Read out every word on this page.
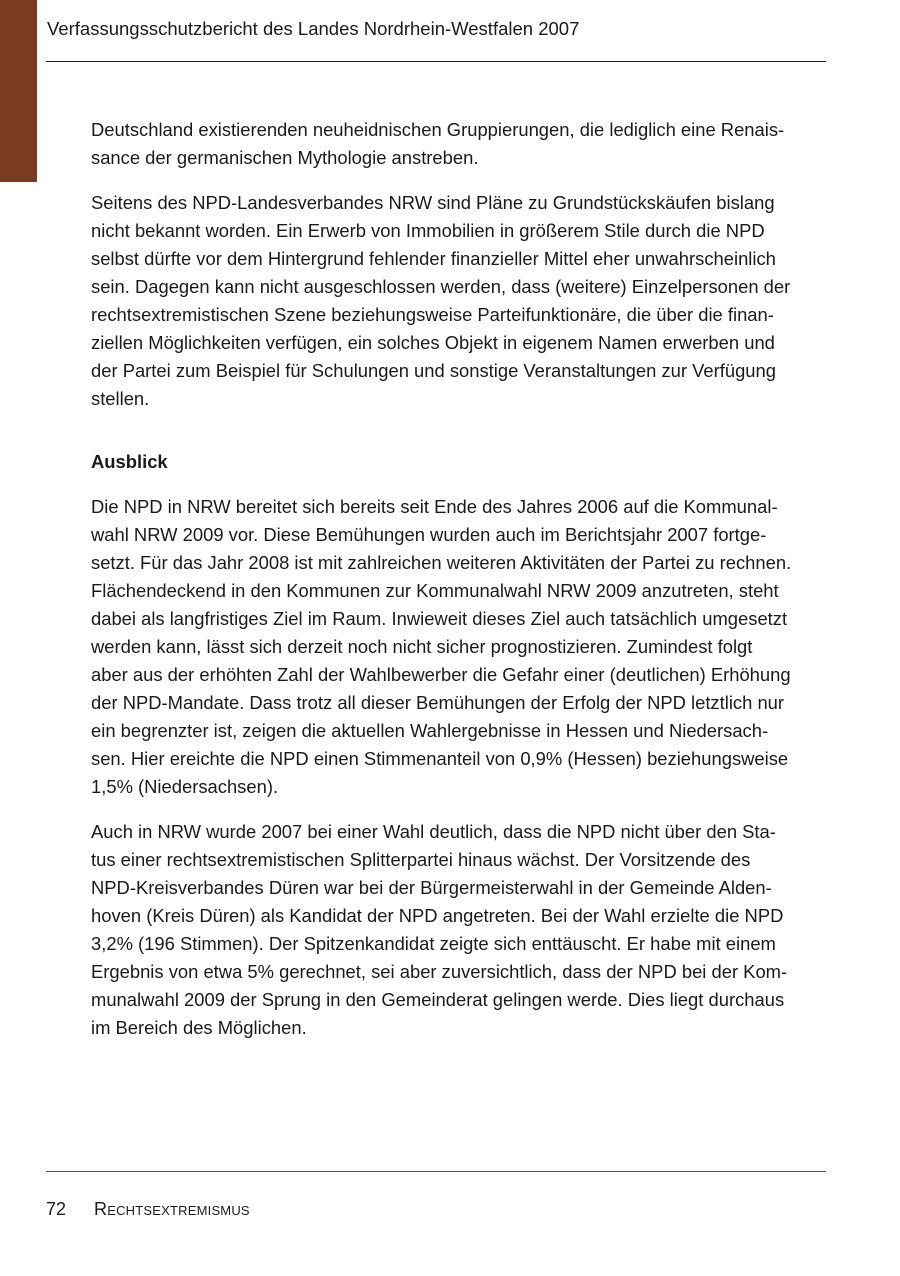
Verfassungsschutzbericht des Landes Nordrhein-Westfalen 2007

Deutschland existierenden neuheidnischen Gruppierungen, die lediglich eine Renais-
sance der germanischen Mythologie anstreben.

Seitens des NPD-Landesverbandes NRW sind Pläne zu Grundstückskäufen bislang
nicht bekannt worden. Ein Erwerb von Immobilien in größerem Stile durch die NPD
selbst dürfte vor dem Hintergrund fehlender finanzieller Mittel eher unwahrscheinlich
sein. Dagegen kann nicht ausgeschlossen werden, dass (weitere) Einzelpersonen der
rechtsextremistischen Szene beziehungsweise Parteifunktionäre, die über die finan-
ziellen Möglichkeiten verfügen, ein solches Objekt in eigenem Namen erwerben und
der Partei zum Beispiel für Schulungen und sonstige Veranstaltungen zur Verfügung
stellen.

Ausblick

Die NPD in NRW bereitet sich bereits seit Ende des Jahres 2006 auf die Kommunal-
wahl NRW 2009 vor. Diese Bemühungen wurden auch im Berichtsjahr 2007 fortge-
setzt. Für das Jahr 2008 ist mit zahlreichen weiteren Aktivitäten der Partei zu rechnen.
Flächendeckend in den Kommunen zur Kommunalwahl NRW 2009 anzutreten, steht
dabei als langfristiges Ziel im Raum. Inwieweit dieses Ziel auch tatsächlich umgesetzt
werden kann, lässt sich derzeit noch nicht sicher prognostizieren. Zumindest folgt
aber aus der erhöhten Zahl der Wahlbewerber die Gefahr einer (deutlichen) Erhöhung
der NPD-Mandate. Dass trotz all dieser Bemühungen der Erfolg der NPD letztlich nur
ein begrenzter ist, zeigen die aktuellen Wahlergebnisse in Hessen und Niedersach-
sen. Hier ereichte die NPD einen Stimmenanteil von 0,9% (Hessen) beziehungsweise
1,5% (Niedersachsen).

Auch in NRW wurde 2007 bei einer Wahl deutlich, dass die NPD nicht über den Sta-
tus einer rechtsextremistischen Splitterpartei hinaus wächst. Der Vorsitzende des
NPD-Kreisverbandes Düren war bei der Bürgermeisterwahl in der Gemeinde Alden-
hoven (Kreis Düren) als Kandidat der NPD angetreten. Bei der Wahl erzielte die NPD
3,2% (196 Stimmen). Der Spitzenkandidat zeigte sich enttäuscht. Er habe mit einem
Ergebnis von etwa 5% gerechnet, sei aber zuversichtlich, dass der NPD bei der Kom-
munalwahl 2009 der Sprung in den Gemeinderat gelingen werde. Dies liegt durchaus
im Bereich des Möglichen.

72 Rechtsextremismus
